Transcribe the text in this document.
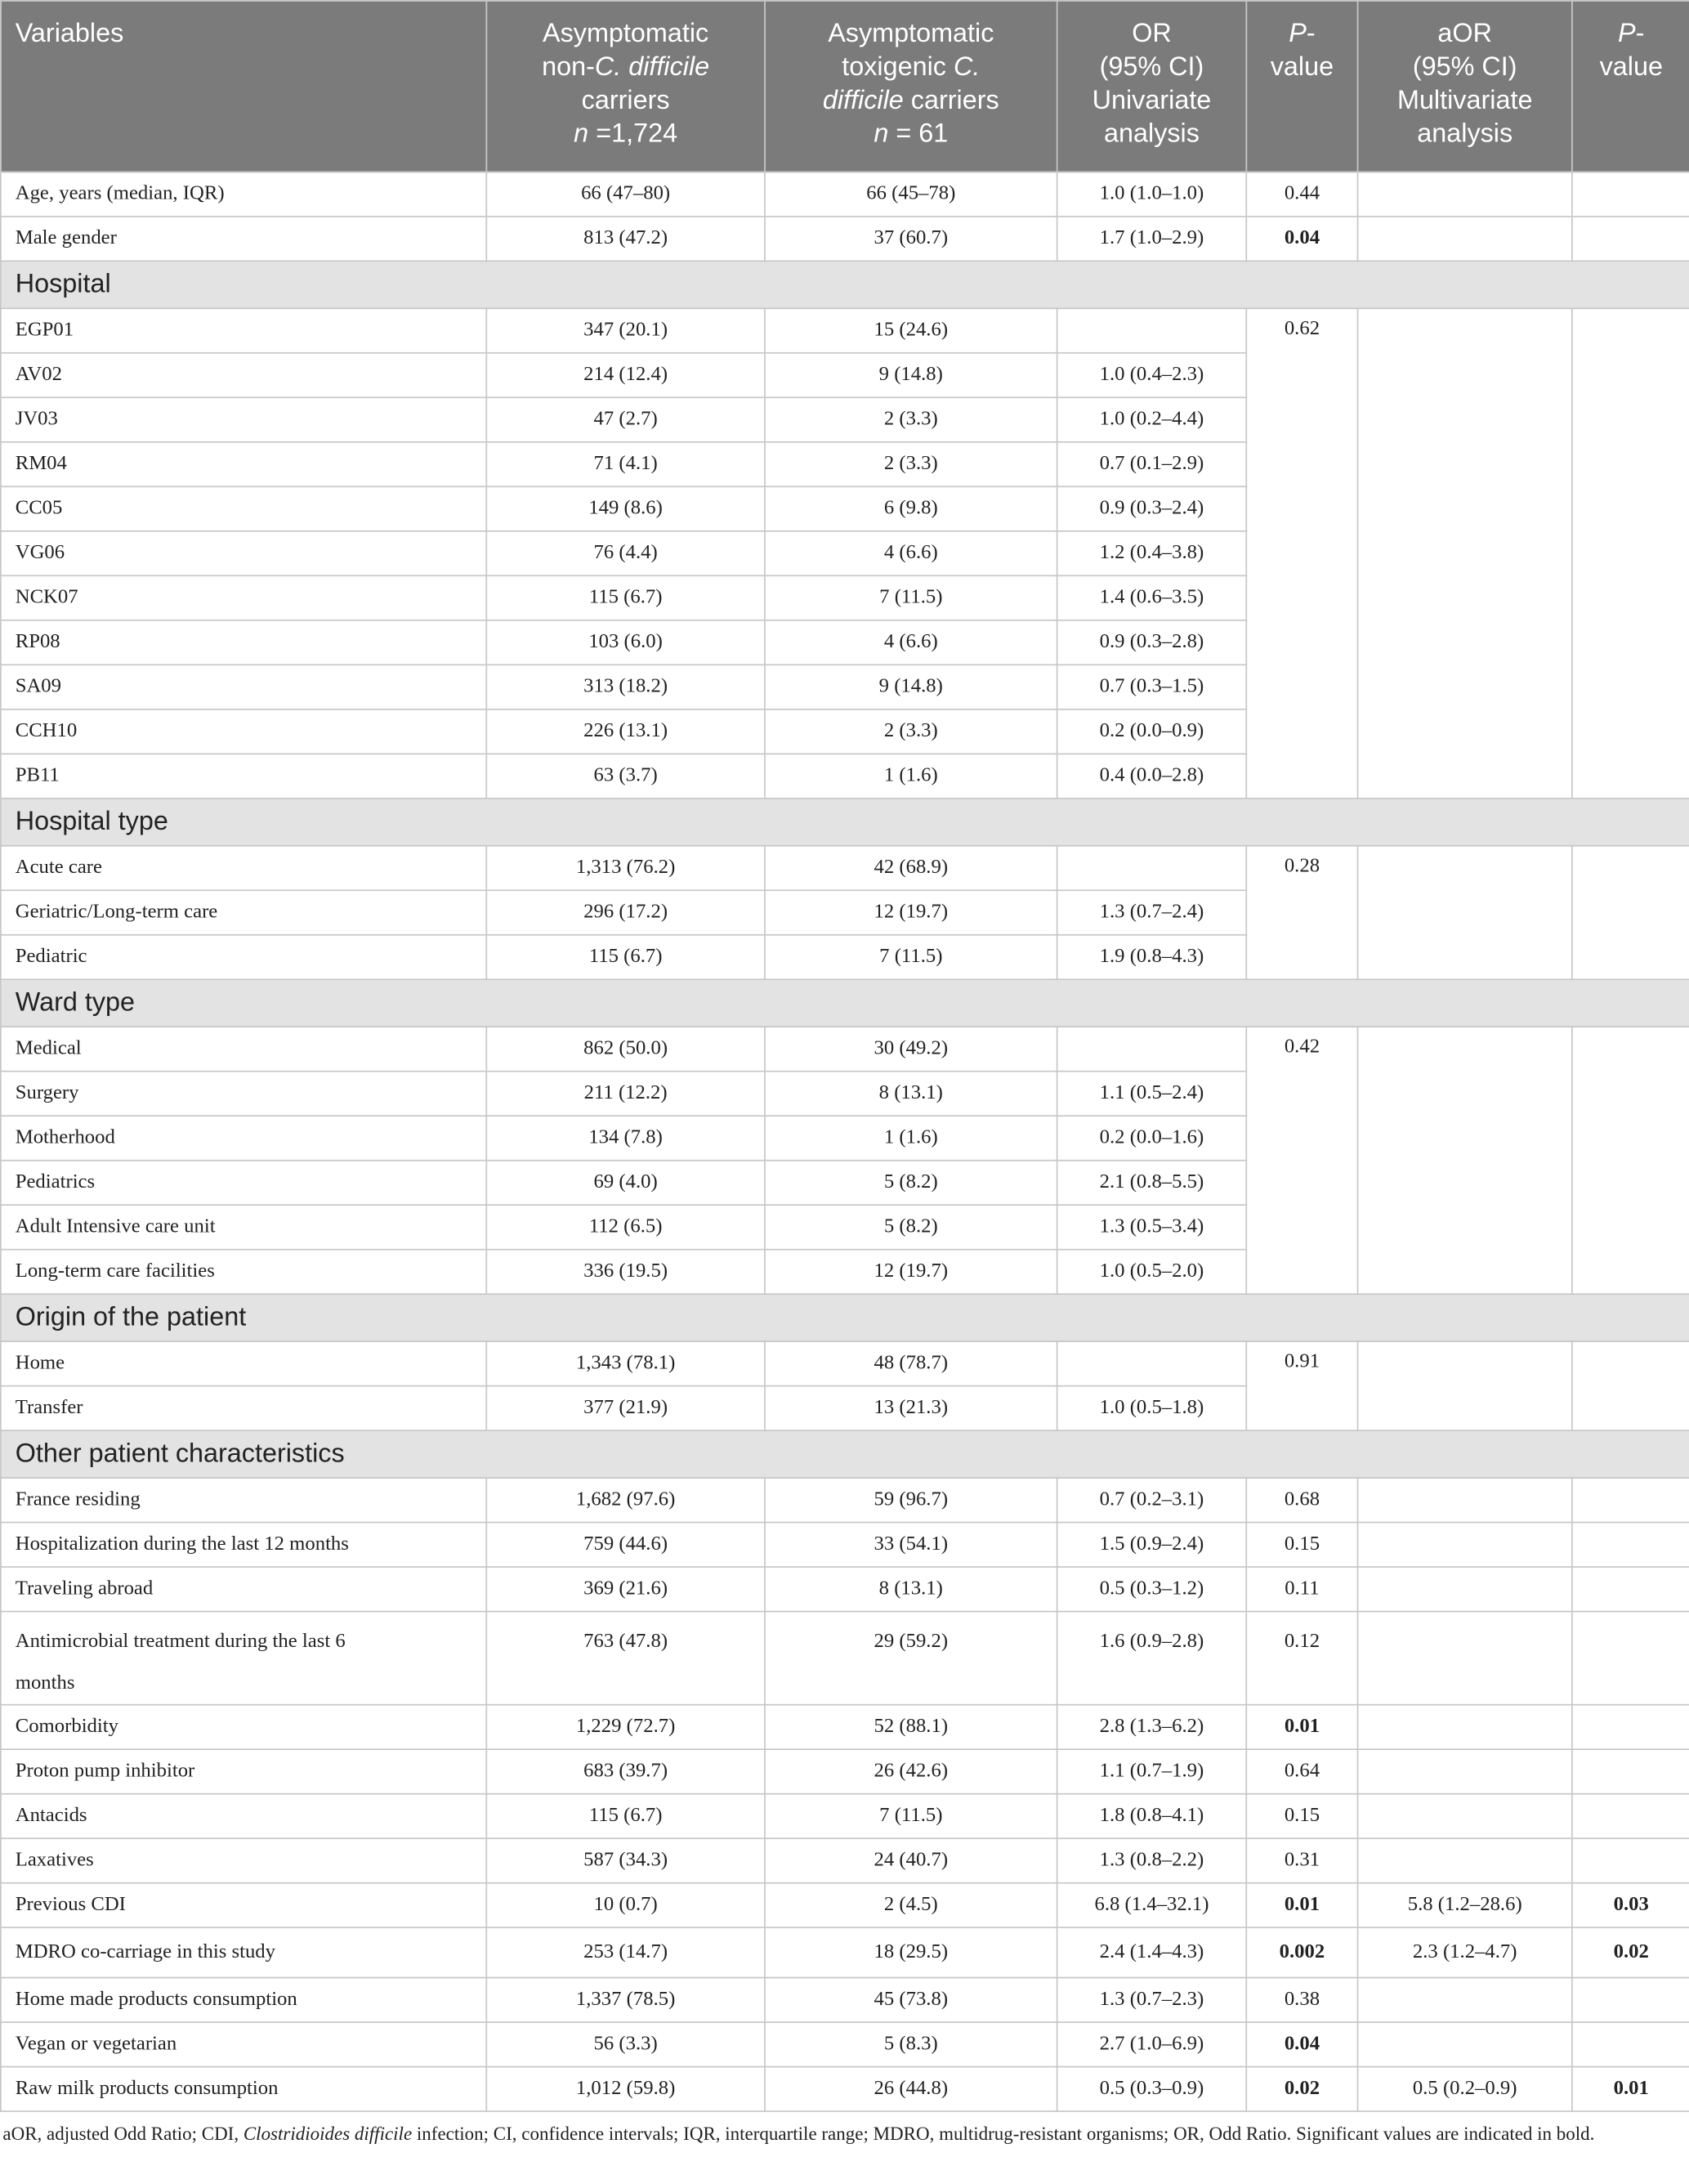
Variables	Asymptomatic
non-C. difficile
carriers
n =1,724	Asymptomatic
toxigenic C.
difficile carriers
n = 61	OR
(95% CI)
Univariate
analysis	P-
value	aOR
(95% CI)
Multivariate
analysis	P-
value
Age, years (median, IQR)	66 (47–80)	66 (45–78)	1.0 (1.0–1.0)	0.44		
Male gender	813 (47.2)	37 (60.7)	1.7 (1.0–2.9)	0.04		
Hospital						
EGP01	347 (20.1)	15 (24.6)		0.62		
AV02	214 (12.4)	9 (14.8)	1.0 (0.4–2.3)			
JV03	47 (2.7)	2 (3.3)	1.0 (0.2–4.4)			
RM04	71 (4.1)	2 (3.3)	0.7 (0.1–2.9)			
CC05	149 (8.6)	6 (9.8)	0.9 (0.3–2.4)			
VG06	76 (4.4)	4 (6.6)	1.2 (0.4–3.8)			
NCK07	115 (6.7)	7 (11.5)	1.4 (0.6–3.5)			
RP08	103 (6.0)	4 (6.6)	0.9 (0.3–2.8)			
SA09	313 (18.2)	9 (14.8)	0.7 (0.3–1.5)			
CCH10	226 (13.1)	2 (3.3)	0.2 (0.0–0.9)			
PB11	63 (3.7)	1 (1.6)	0.4 (0.0–2.8)			
Hospital type						
Acute care	1,313 (76.2)	42 (68.9)		0.28		
Geriatric/Long-term care	296 (17.2)	12 (19.7)	1.3 (0.7–2.4)			
Pediatric	115 (6.7)	7 (11.5)	1.9 (0.8–4.3)			
Ward type						
Medical	862 (50.0)	30 (49.2)		0.42		
Surgery	211 (12.2)	8 (13.1)	1.1 (0.5–2.4)			
Motherhood	134 (7.8)	1 (1.6)	0.2 (0.0–1.6)			
Pediatrics	69 (4.0)	5 (8.2)	2.1 (0.8–5.5)			
Adult Intensive care unit	112 (6.5)	5 (8.2)	1.3 (0.5–3.4)			
Long-term care facilities	336 (19.5)	12 (19.7)	1.0 (0.5–2.0)			
Origin of the patient						
Home	1,343 (78.1)	48 (78.7)		0.91		
Transfer	377 (21.9)	13 (21.3)	1.0 (0.5–1.8)			
Other patient characteristics						
France residing	1,682 (97.6)	59 (96.7)	0.7 (0.2–3.1)	0.68		
Hospitalization during the last 12 months	759 (44.6)	33 (54.1)	1.5 (0.9–2.4)	0.15		
Traveling abroad	369 (21.6)	8 (13.1)	0.5 (0.3–1.2)	0.11		
Antimicrobial treatment during the last 6 months	763 (47.8)	29 (59.2)	1.6 (0.9–2.8)	0.12		
Comorbidity	1,229 (72.7)	52 (88.1)	2.8 (1.3–6.2)	0.01		
Proton pump inhibitor	683 (39.7)	26 (42.6)	1.1 (0.7–1.9)	0.64		
Antacids	115 (6.7)	7 (11.5)	1.8 (0.8–4.1)	0.15		
Laxatives	587 (34.3)	24 (40.7)	1.3 (0.8–2.2)	0.31		
Previous CDI	10 (0.7)	2 (4.5)	6.8 (1.4–32.1)	0.01	5.8 (1.2–28.6)	0.03
MDRO co-carriage in this study	253 (14.7)	18 (29.5)	2.4 (1.4–4.3)	0.002	2.3 (1.2–4.7)	0.02
Home made products consumption	1,337 (78.5)	45 (73.8)	1.3 (0.7–2.3)	0.38		
Vegan or vegetarian	56 (3.3)	5 (8.3)	2.7 (1.0–6.9)	0.04		
Raw milk products consumption	1,012 (59.8)	26 (44.8)	0.5 (0.3–0.9)	0.02	0.5 (0.2–0.9)	0.01
aOR, adjusted Odd Ratio; CDI, Clostridioides difficile infection; CI, confidence intervals; IQR, interquartile range; MDRO, multidrug-resistant organisms; OR, Odd Ratio. Significant values are indicated in bold.
